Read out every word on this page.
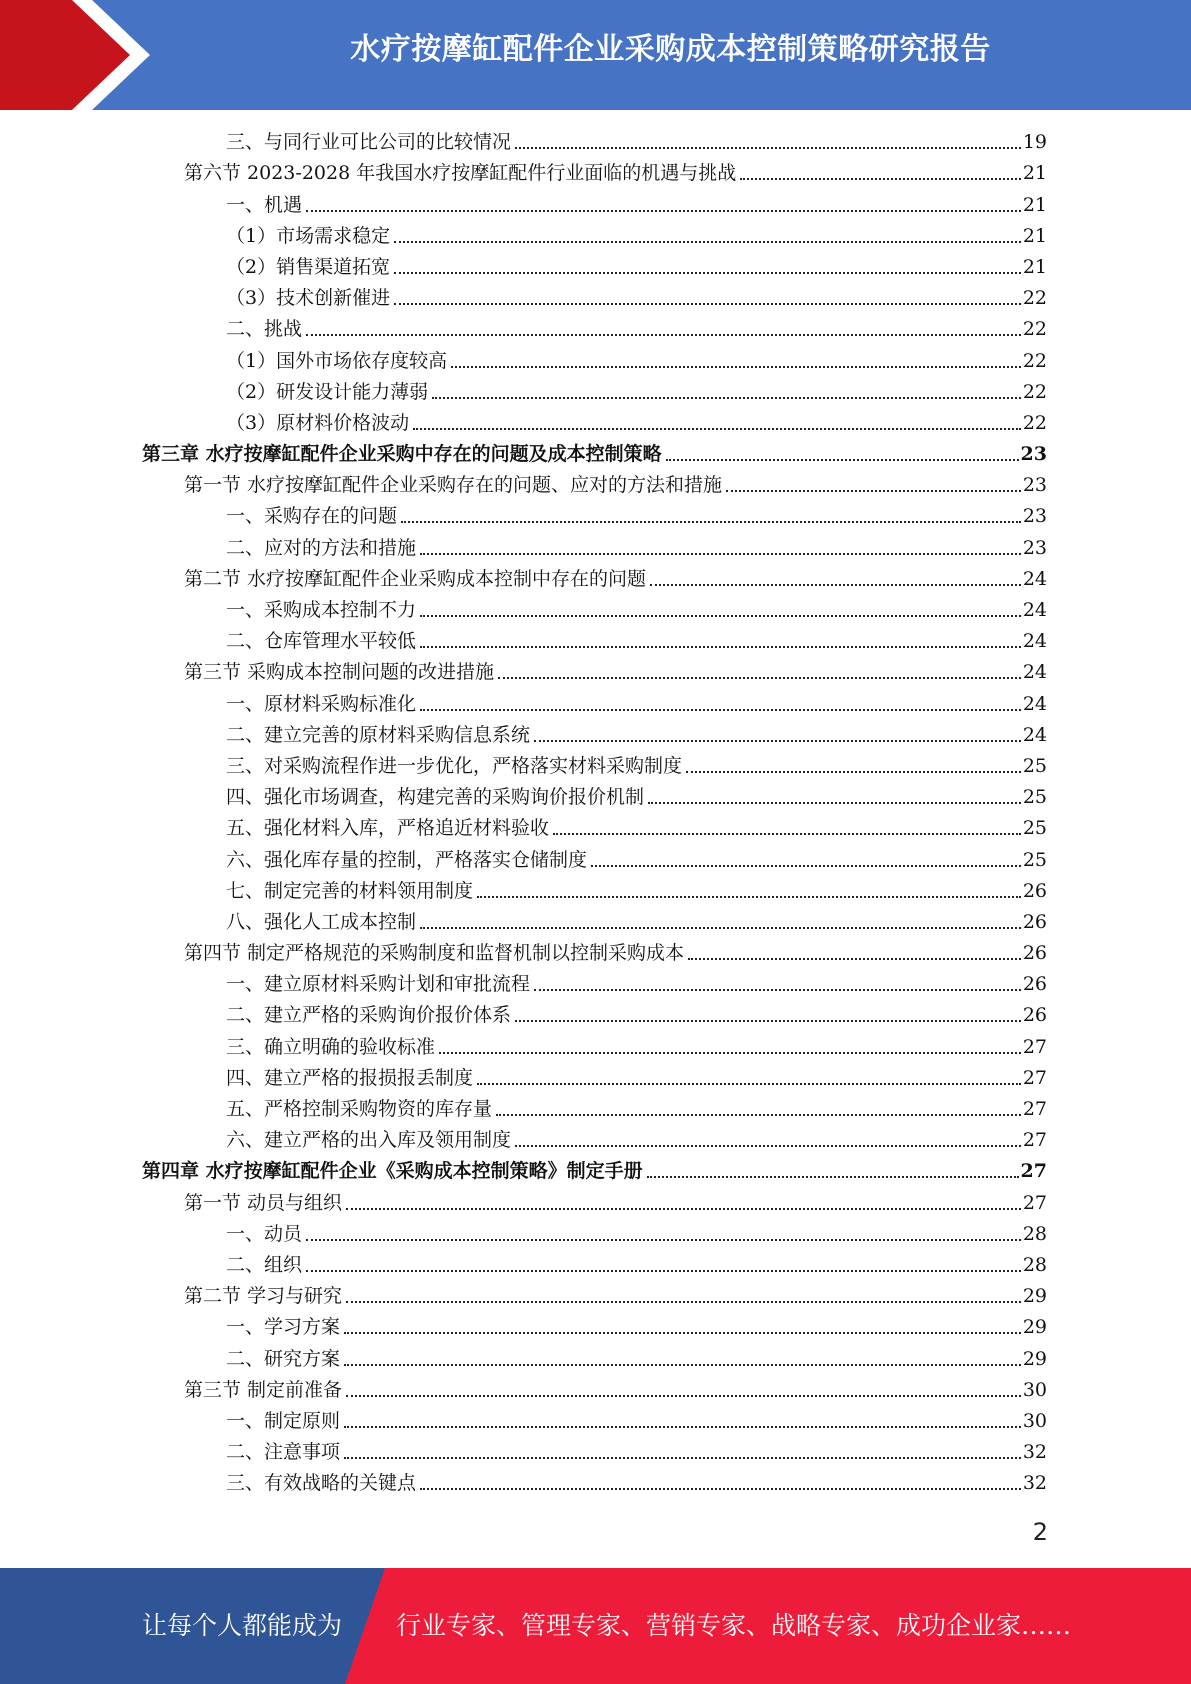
水疗按摩缸配件企业采购成本控制策略研究报告
三、与同行业可比公司的比较情况	19
第六节 2023-2028 年我国水疗按摩缸配件行业面临的机遇与挑战	21
一、机遇	21
（1）市场需求稳定	21
（2）销售渠道拓宽	21
（3）技术创新催进	22
二、挑战	22
（1）国外市场依存度较高	22
（2）研发设计能力薄弱	22
（3）原材料价格波动	22
第三章 水疗按摩缸配件企业采购中存在的问题及成本控制策略	23
第一节 水疗按摩缸配件企业采购存在的问题、应对的方法和措施	23
一、采购存在的问题	23
二、应对的方法和措施	23
第二节 水疗按摩缸配件企业采购成本控制中存在的问题	24
一、采购成本控制不力	24
二、仓库管理水平较低	24
第三节 采购成本控制问题的改进措施	24
一、原材料采购标准化	24
二、建立完善的原材料采购信息系统	24
三、对采购流程作进一步优化，严格落实材料采购制度	25
四、强化市场调查，构建完善的采购询价报价机制	25
五、强化材料入库，严格追近材料验收	25
六、强化库存量的控制，严格落实仓储制度	25
七、制定完善的材料领用制度	26
八、强化人工成本控制	26
第四节 制定严格规范的采购制度和监督机制以控制采购成本	26
一、建立原材料采购计划和审批流程	26
二、建立严格的采购询价报价体系	26
三、确立明确的验收标准	27
四、建立严格的报损报丢制度	27
五、严格控制采购物资的库存量	27
六、建立严格的出入库及领用制度	27
第四章 水疗按摩缸配件企业《采购成本控制策略》制定手册	27
第一节 动员与组织	27
一、动员	28
二、组织	28
第二节 学习与研究	29
一、学习方案	29
二、研究方案	29
第三节 制定前准备	30
一、制定原则	30
二、注意事项	32
三、有效战略的关键点	32
2
让每个人都能成为 行业专家、管理专家、营销专家、战略专家、成功企业家……
